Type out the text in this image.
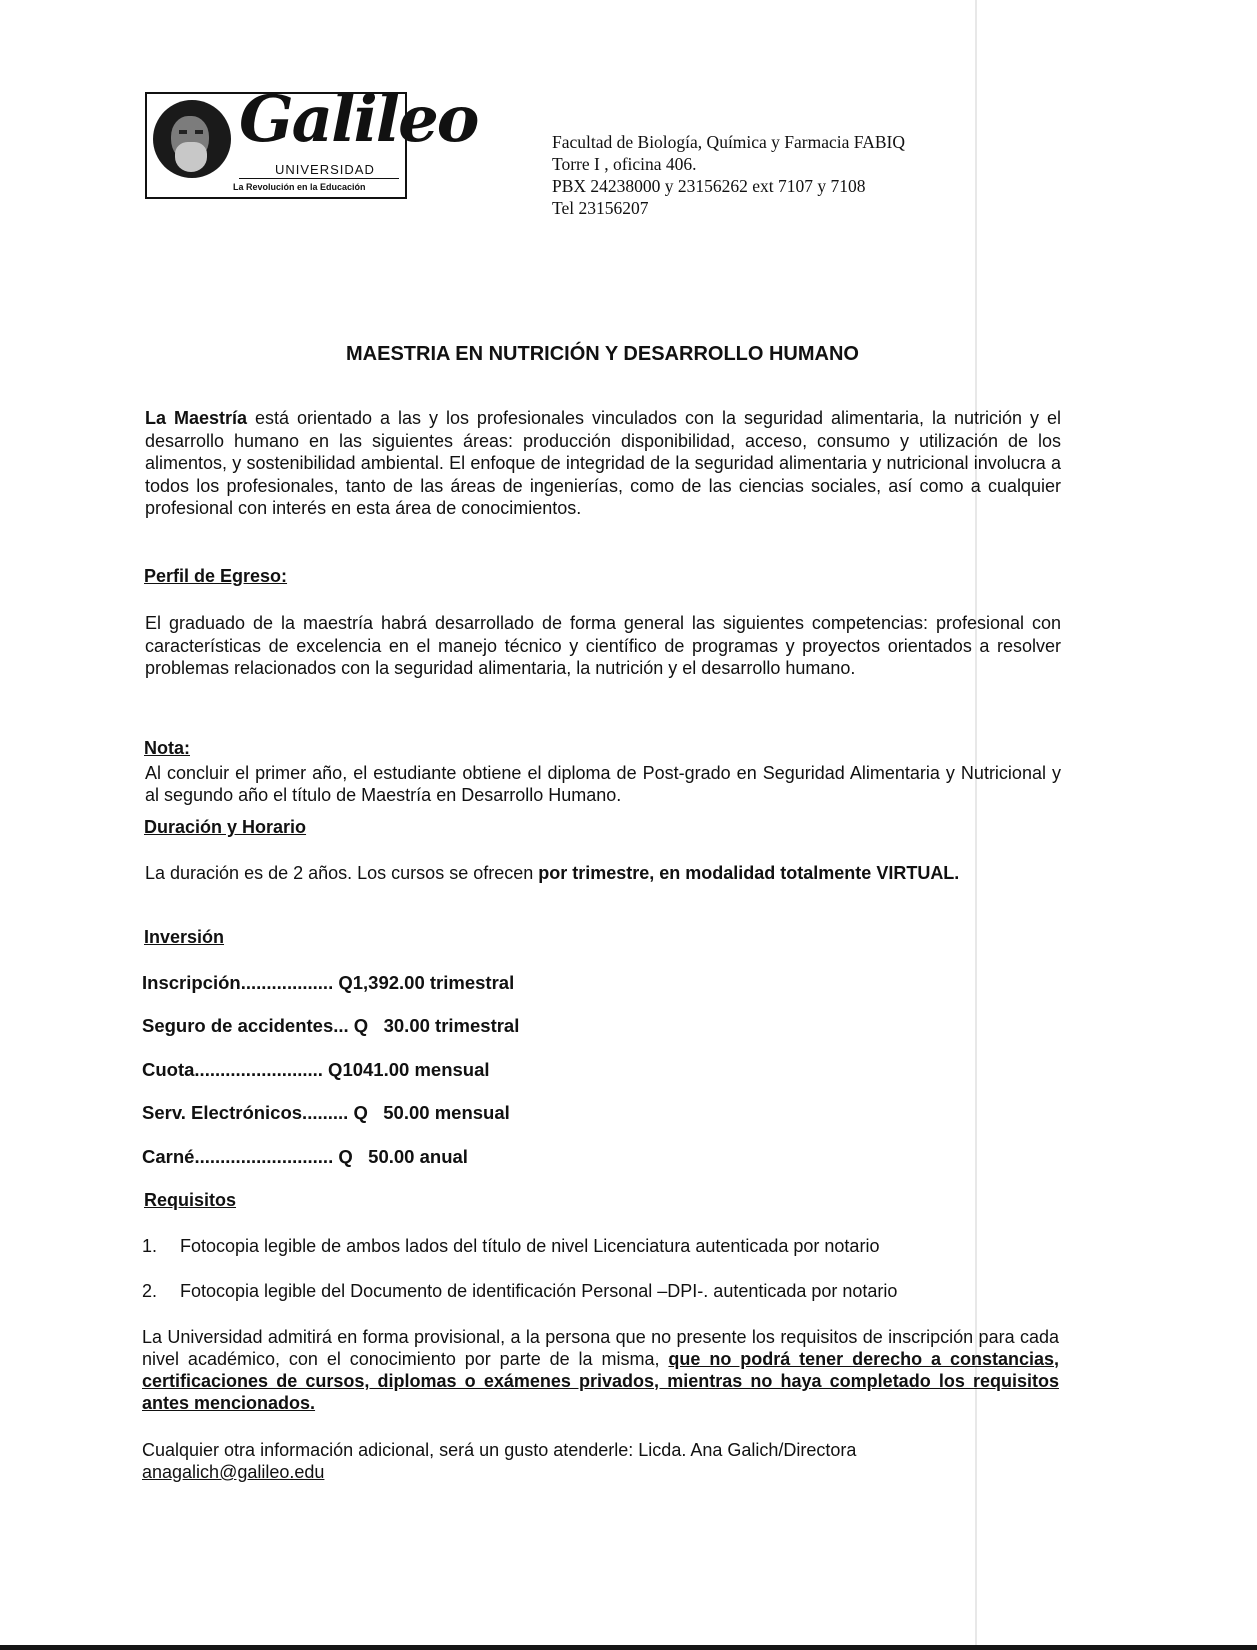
Galileo
UNIVERSIDAD
La Revolución en la Educación
Facultad de Biología, Química y Farmacia FABIQ
Torre I , oficina 406.
PBX 24238000 y 23156262 ext 7107 y 7108
Tel 23156207
MAESTRIA EN NUTRICIÓN Y DESARROLLO HUMANO
La Maestría está orientado a las y los profesionales vinculados con la seguridad alimentaria, la nutrición y el desarrollo humano en las siguientes áreas: producción disponibilidad, acceso, consumo y utilización de los alimentos, y sostenibilidad ambiental. El enfoque de integridad de la seguridad alimentaria y nutricional involucra a todos los profesionales, tanto de las áreas de ingenierías, como de las ciencias sociales, así como a cualquier profesional con interés en esta área de conocimientos.
Perfil de Egreso:
El graduado de la maestría habrá desarrollado de forma general las siguientes competencias: profesional con características de excelencia en el manejo técnico y científico de programas y proyectos orientados a resolver problemas relacionados con la seguridad alimentaria, la nutrición y el desarrollo humano.
Nota:
Al concluir el primer año, el estudiante obtiene el diploma de Post-grado en Seguridad Alimentaria y Nutricional y al segundo año el título de Maestría en Desarrollo Humano.
Duración y Horario
La duración es de 2 años. Los cursos se ofrecen por trimestre, en modalidad totalmente VIRTUAL.
Inversión
Inscripción.................. Q1,392.00 trimestral
Seguro de accidentes... Q   30.00 trimestral
Cuota......................... Q1041.00 mensual
Serv. Electrónicos......... Q   50.00 mensual
Carné........................... Q   50.00 anual
Requisitos
1. Fotocopia legible de ambos lados del título de nivel Licenciatura autenticada por notario
2. Fotocopia legible del Documento de identificación Personal –DPI-. autenticada por notario
La Universidad admitirá en forma provisional, a la persona que no presente los requisitos de inscripción para cada nivel académico, con el conocimiento por parte de la misma, que no podrá tener derecho a constancias, certificaciones de cursos, diplomas o exámenes privados, mientras no haya completado los requisitos antes mencionados.
Cualquier otra información adicional, será un gusto atenderle: Licda. Ana Galich/Directora
anagalich@galileo.edu
